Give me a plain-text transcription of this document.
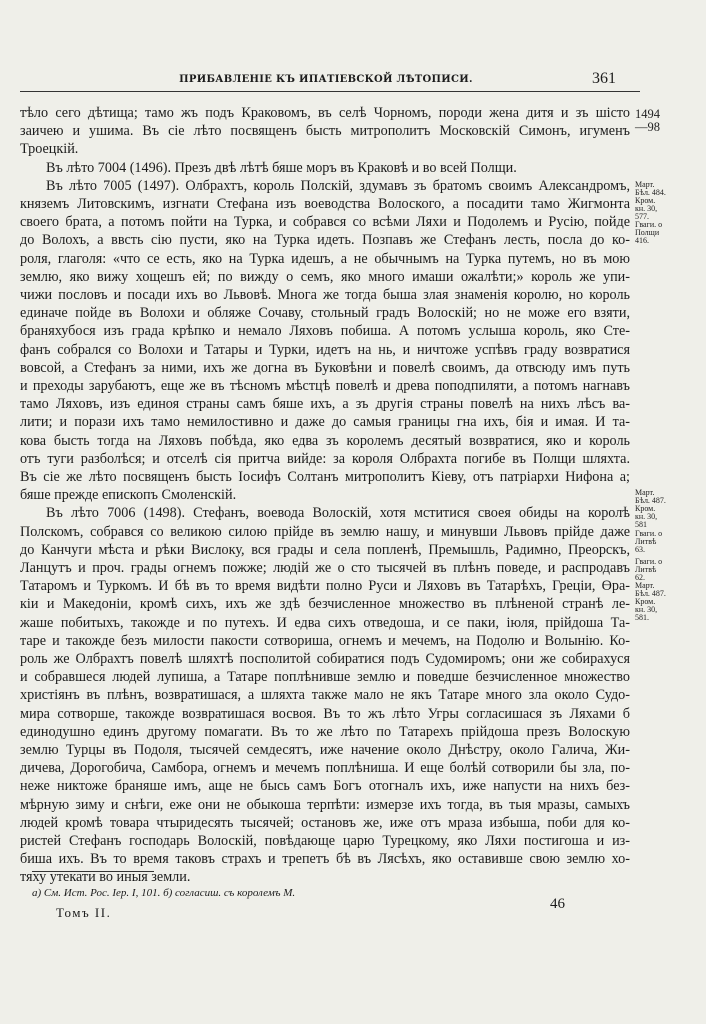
ПРИБАВЛЕНІЕ КЪ ИПАТІЕВСКОЙ ЛѢТОПИСИ.	361
тѣло сего дѣтища; тамо жъ подъ Краковомъ, въ селѣ Чорномъ, породи жена дитя и зъ шісто
заичею и ушима. Въ сіе лѣто посвященъ бысть митрополитъ Московскій Симонъ, игуменъ
Троецкій.
Въ лѣто 7004 (1496). Презъ двѣ лѣтѣ бяше моръ въ Краковѣ и во всей Полщи.
Въ лѣто 7005 (1497). Олбрахтъ, король Полскій, здумавъ зъ братомъ своимъ Александромъ,
княземъ Литовскимъ, изгнати Стефана изъ воеводства Волоского, а посадити тамо Жигмонта
своего брата, а потомъ пойти на Турка, и собрався со всѣми Ляхи и Подолемъ и Русію, пойде
до Волохъ, а ввсть сію пусти, яко на Турка идеть. Позпавъ же Стефанъ лесть, посла до ко-
роля, глаголя: «что се есть, яко на Турка идешъ, а не обычнымъ на Турка путемъ, но въ мою
землю, яко вижу хощешъ ей; по вижду о семъ, яко много имаши ожалѣти;» король же упи-
чижи пословъ и посади ихъ во Львовѣ. Многа же тогда быша злая знаменія королю, но король
единаче пойде въ Волохи и обляже Сочаву, стольный градъ Волоскій; но не може его взяти,
браняхубося изъ града крѣпко и немало Ляховъ побиша. А потомъ услыша король, яко Сте-
фанъ собрался со Волохи и Татары и Турки, идетъ на нь, и ничтоже успѣвъ граду возвратися
вовсой, а Стефанъ за ними, ихъ же догна въ Буковѣни и повелѣ своимъ, да отвсюду имъ путь
и преходы зарубаютъ, еще же въ тѣсномъ мѣстцѣ повелѣ и древа поподпиляти, а потомъ нагнавъ
тамо Ляховъ, изъ единоя страны самъ бяше ихъ, а зъ другія страны повелѣ на нихъ лѣсъ ва-
лити; и порази ихъ тамо немилостивно и даже до самыя границы гна ихъ, бія и имая. И та-
кова бысть тогда на Ляховъ побѣда, яко едва зъ королемъ десятый возвратися, яко и король
отъ туги разболѣся; и отселѣ сія притча вийде: за короля Олбрахта погибе въ Полщи шляхта.
Въ сіе же лѣто посвященъ бысть Іосифъ Солтанъ митрополитъ Кіеву, отъ патріархи Нифона а;
бяше прежде епископъ Смоленскій.
Въ лѣто 7006 (1498). Стефанъ, воевода Волоскій, хотя мститися своея обиды на королѣ
Полскомъ, собрався со великою силою прійде въ землю нашу, и минувши Львовъ прійде даже
до Канчуги мѣста и рѣки Вислоку, вся грады и села попленѣ, Премышль, Радимно, Преорскъ,
Ланцутъ и проч. грады огнемъ пожже; людій же о сто тысячей въ плѣнъ поведе, и распродавъ
Татаромъ и Туркомъ. И бѣ въ то время видѣти полно Руси и Ляховъ въ Татарѣхъ, Греціи, Өра-
кіи и Македоніи, кромѣ сихъ, ихъ же здѣ безчисленное множество въ плѣненой странѣ ле-
жаше побитыхъ, такожде и по путехъ. И едва сихъ отведоша, и се паки, іюля, прійдоша Та-
таре и такожде безъ милости пакости сотвориша, огнемъ и мечемъ, на Подолю и Волынію. Ко-
роль же Олбрахтъ повелѣ шляхтѣ посполитой собиратися подъ Судомиромъ; они же собирахуся
и собравшеся людей лупиша, а Татаре поплѣнивше землю и поведше безчисленное множество
христіянъ въ плѣнъ, возвратишася, а шляхта также мало не якъ Татаре много зла около Судо-
мира сотворше, такожде возвратишася восвоя. Въ то жъ лѣто Угры согласишася зъ Ляхами б
единодушно единъ другому помагати. Въ то же лѣто по Татарехъ прійдоша презъ Волоскую
землю Турцы въ Подоля, тысячей семдесятъ, иже начение около Днѣстру, около Галича, Жи-
дичева, Дорогобича, Самбора, огнемъ и мечемъ поплѣниша. И еще болѣй сотворили бы зла, по-
неже никтоже браняше имъ, аще не бысь самъ Богъ отогналъ ихъ, иже напусти на нихъ без-
мѣрную зиму и снѣги, еже они не обыкоша терпѣти: измерзе ихъ тогда, въ тыя мразы, самыхъ
людей кромѣ товара чтыридесять тысячей; остановъ же, иже отъ мраза избыша, поби для ко-
ристей Стефанъ господарь Волоскій, повѣдающе царю Турецкому, яко Ляхи постигоша и из-
биша ихъ. Въ то время таковъ страхъ и трепетъ бѣ въ Лясѣхъ, яко оставивше свою землю хо-
тяху утекати во иныя земли.
1494
—98
Март.
Бѣл. 484.
Кром.
кн. 30,
577.
Гваги. о
Полщи
416.
Март.
Бѣл. 487.
Кром.
кн. 30,
581
Гваги. о
Литвѣ
63.
Гваги. о
Литвѣ
62.
Март.
Бѣл. 487.
Кром.
кн. 30,
581.
а) См. Ист. Рос. Іер. I, 101. б) согласиш. съ королемъ М.
Томъ II.
46
